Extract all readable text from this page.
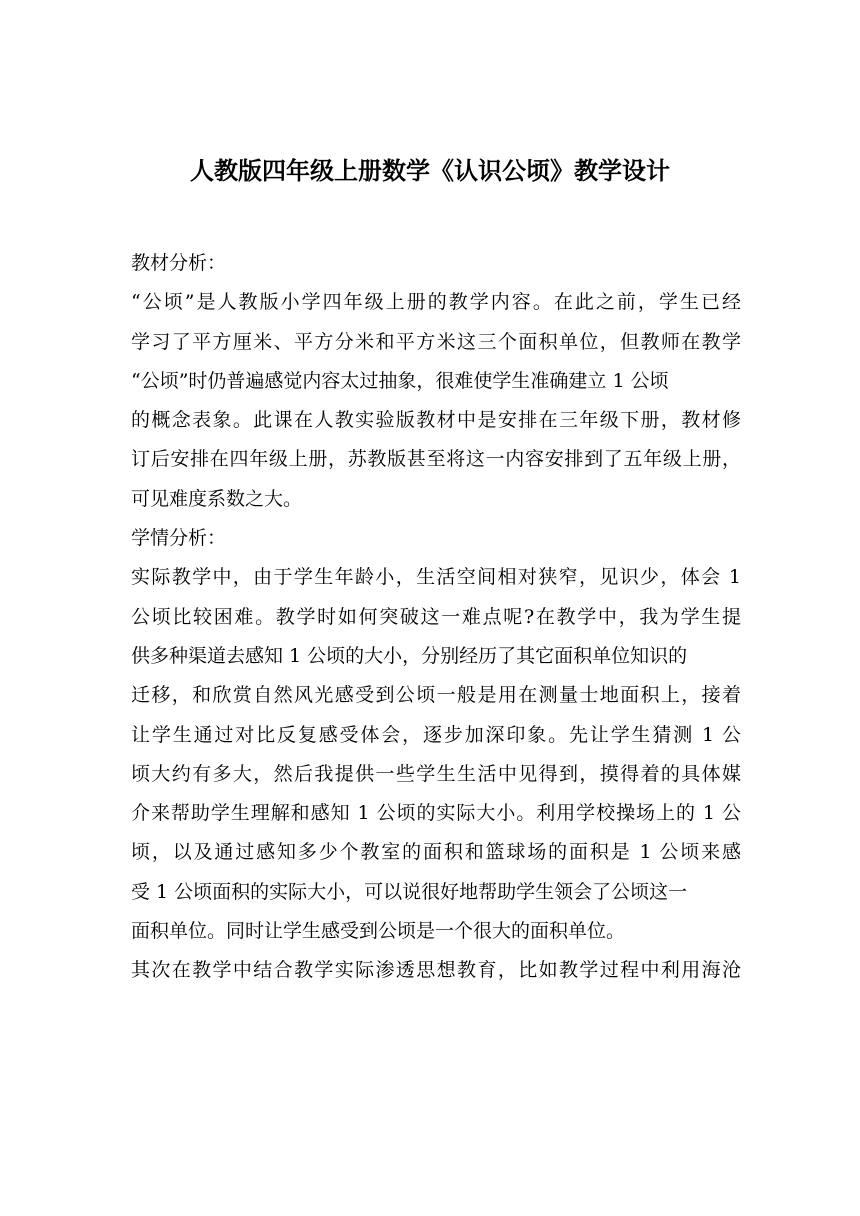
人教版四年级上册数学《认识公顷》教学设计
教材分析：
“公顷”是人教版小学四年级上册的教学内容。在此之前，学生已经
学习了平方厘米、平方分米和平方米这三个面积单位，但教师在教学
“公顷”时仍普遍感觉内容太过抽象，很难使学生准确建立 1 公顷
的概念表象。此课在人教实验版教材中是安排在三年级下册，教材修
订后安排在四年级上册，苏教版甚至将这一内容安排到了五年级上册，
可见难度系数之大。
学情分析：
实际教学中，由于学生年龄小，生活空间相对狭窄，见识少，体会 1
公顷比较困难。教学时如何突破这一难点呢?在教学中，我为学生提
供多种渠道去感知 1 公顷的大小，分别经历了其它面积单位知识的
迁移，和欣赏自然风光感受到公顷一般是用在测量士地面积上，接着
让学生通过对比反复感受体会，逐步加深印象。先让学生猜测 1 公
顷大约有多大，然后我提供一些学生生活中见得到，摸得着的具体媒
介来帮助学生理解和感知 1 公顷的实际大小。利用学校操场上的 1 公
顷，以及通过感知多少个教室的面积和篮球场的面积是 1 公顷来感
受 1 公顷面积的实际大小，可以说很好地帮助学生领会了公顷这一
面积单位。同时让学生感受到公顷是一个很大的面积单位。
其次在教学中结合教学实际渗透思想教育，比如教学过程中利用海沧
